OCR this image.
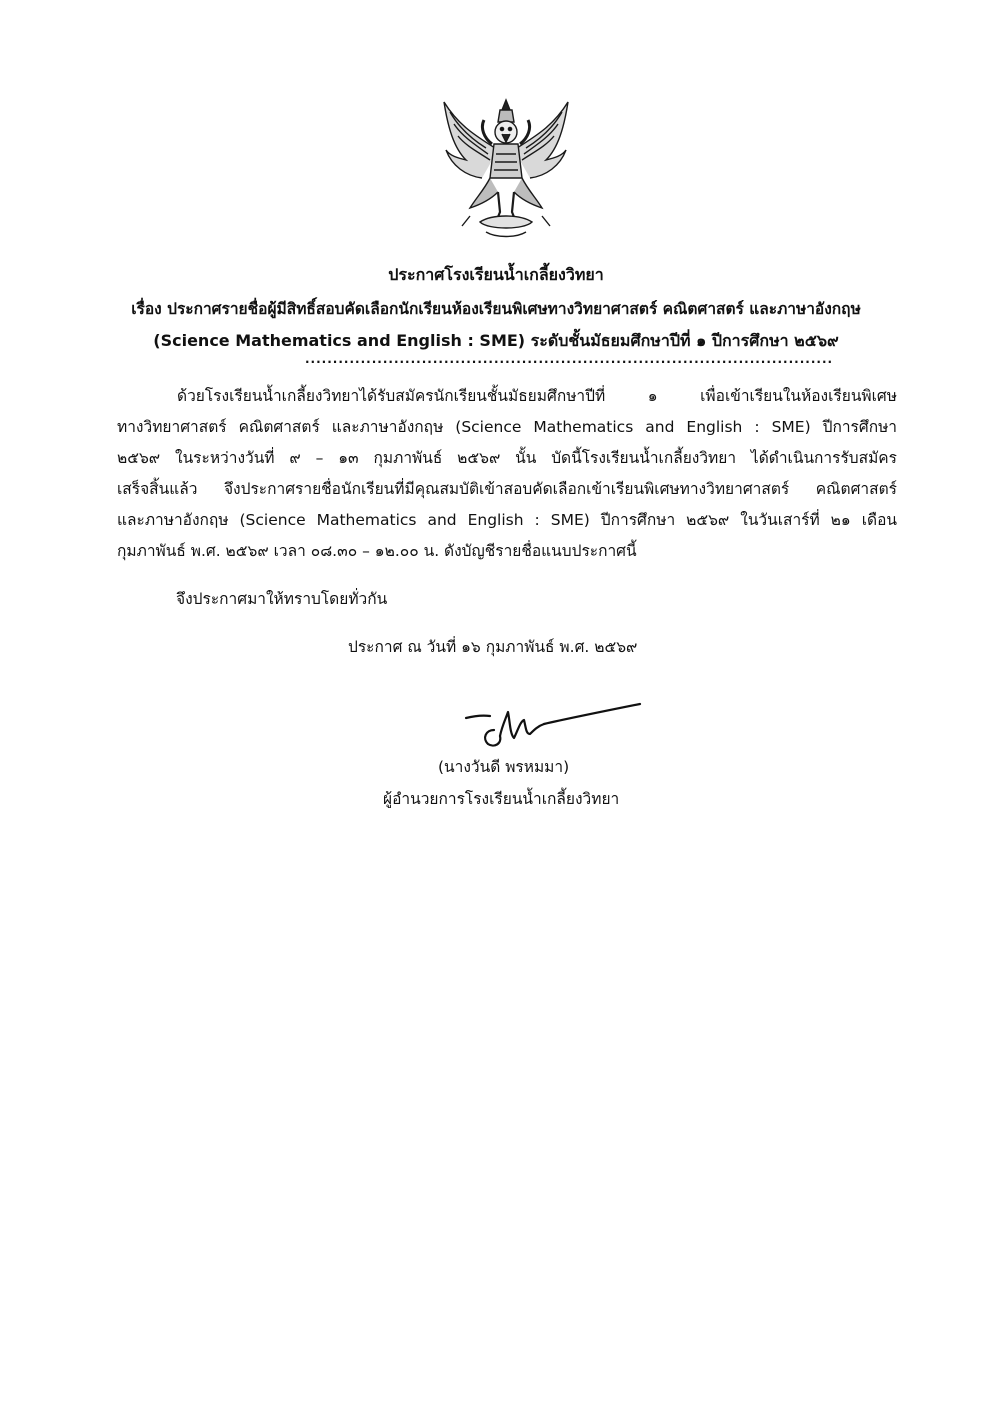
ประกาศโรงเรียนน้ำเกลี้ยงวิทยา
เรื่อง ประกาศรายชื่อผู้มีสิทธิ์สอบคัดเลือกนักเรียนห้องเรียนพิเศษทางวิทยาศาสตร์ คณิตศาสตร์ และภาษาอังกฤษ
(Science Mathematics and English : SME) ระดับชั้นมัธยมศึกษาปีที่ ๑ ปีการศึกษา ๒๕๖๙
...............................................................................................
ด้วยโรงเรียนน้ำเกลี้ยงวิทยาได้รับสมัครนักเรียนชั้นมัธยมศึกษาปีที่ ๑ เพื่อเข้าเรียนในห้องเรียนพิเศษ
ทางวิทยาศาสตร์ คณิตศาสตร์ และภาษาอังกฤษ (Science Mathematics and English : SME) ปีการศึกษา
๒๕๖๙ ในระหว่างวันที่ ๙ – ๑๓ กุมภาพันธ์ ๒๕๖๙ นั้น บัดนี้โรงเรียนน้ำเกลี้ยงวิทยา ได้ดำเนินการรับสมัคร
เสร็จสิ้นแล้ว จึงประกาศรายชื่อนักเรียนที่มีคุณสมบัติเข้าสอบคัดเลือกเข้าเรียนพิเศษทางวิทยาศาสตร์ คณิตศาสตร์
และภาษาอังกฤษ (Science Mathematics and English : SME) ปีการศึกษา ๒๕๖๙ ในวันเสาร์ที่ ๒๑ เดือน
กุมภาพันธ์ พ.ศ. ๒๕๖๙ เวลา ๐๘.๓๐ – ๑๒.๐๐ น. ดังบัญชีรายชื่อแนบประกาศนี้
จึงประกาศมาให้ทราบโดยทั่วกัน
ประกาศ ณ วันที่ ๑๖ กุมภาพันธ์ พ.ศ. ๒๕๖๙
(นางวันดี พรหมมา)
ผู้อำนวยการโรงเรียนน้ำเกลี้ยงวิทยา
